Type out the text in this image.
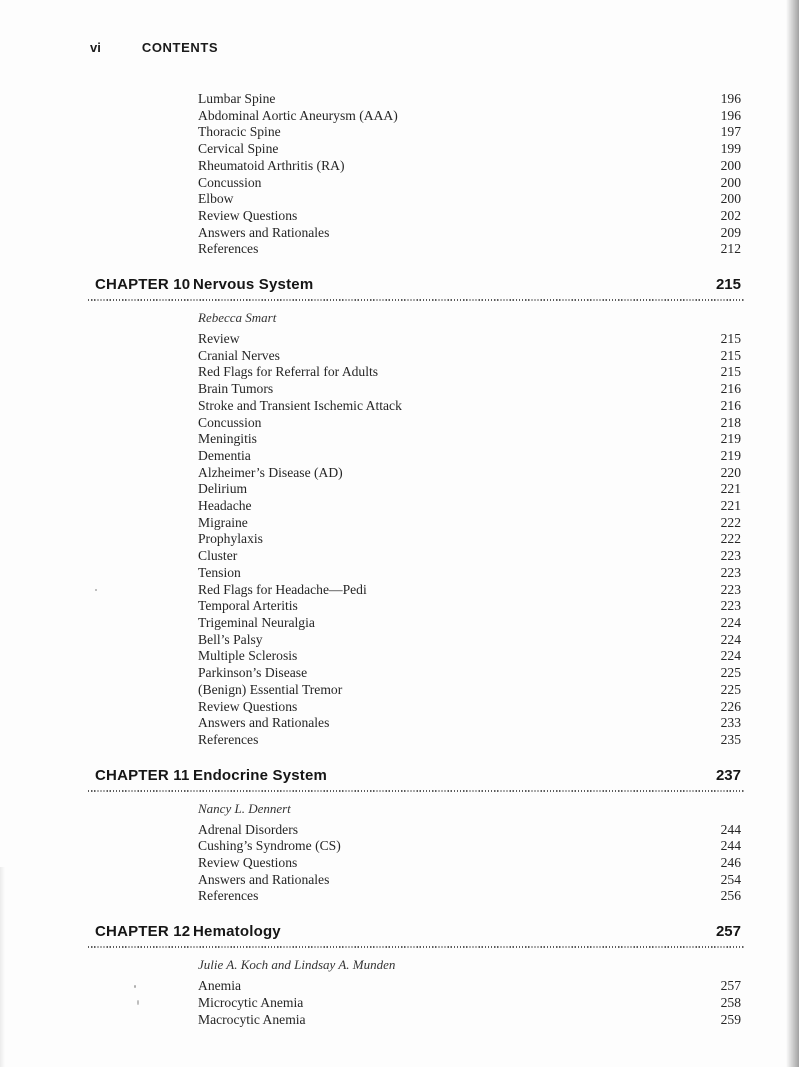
vi	CONTENTS
Lumbar Spine	196
Abdominal Aortic Aneurysm (AAA)	196
Thoracic Spine	197
Cervical Spine	199
Rheumatoid Arthritis (RA)	200
Concussion	200
Elbow	200
Review Questions	202
Answers and Rationales	209
References	212
CHAPTER 10 Nervous System	215
Rebecca Smart
Review	215
Cranial Nerves	215
Red Flags for Referral for Adults	215
Brain Tumors	216
Stroke and Transient Ischemic Attack	216
Concussion	218
Meningitis	219
Dementia	219
Alzheimer’s Disease (AD)	220
Delirium	221
Headache	221
Migraine	222
Prophylaxis	222
Cluster	223
Tension	223
Red Flags for Headache—Pedi	223
Temporal Arteritis	223
Trigeminal Neuralgia	224
Bell’s Palsy	224
Multiple Sclerosis	224
Parkinson’s Disease	225
(Benign) Essential Tremor	225
Review Questions	226
Answers and Rationales	233
References	235
CHAPTER 11 Endocrine System	237
Nancy L. Dennert
Adrenal Disorders	244
Cushing’s Syndrome (CS)	244
Review Questions	246
Answers and Rationales	254
References	256
CHAPTER 12 Hematology	257
Julie A. Koch and Lindsay A. Munden
Anemia	257
Microcytic Anemia	258
Macrocytic Anemia	259
